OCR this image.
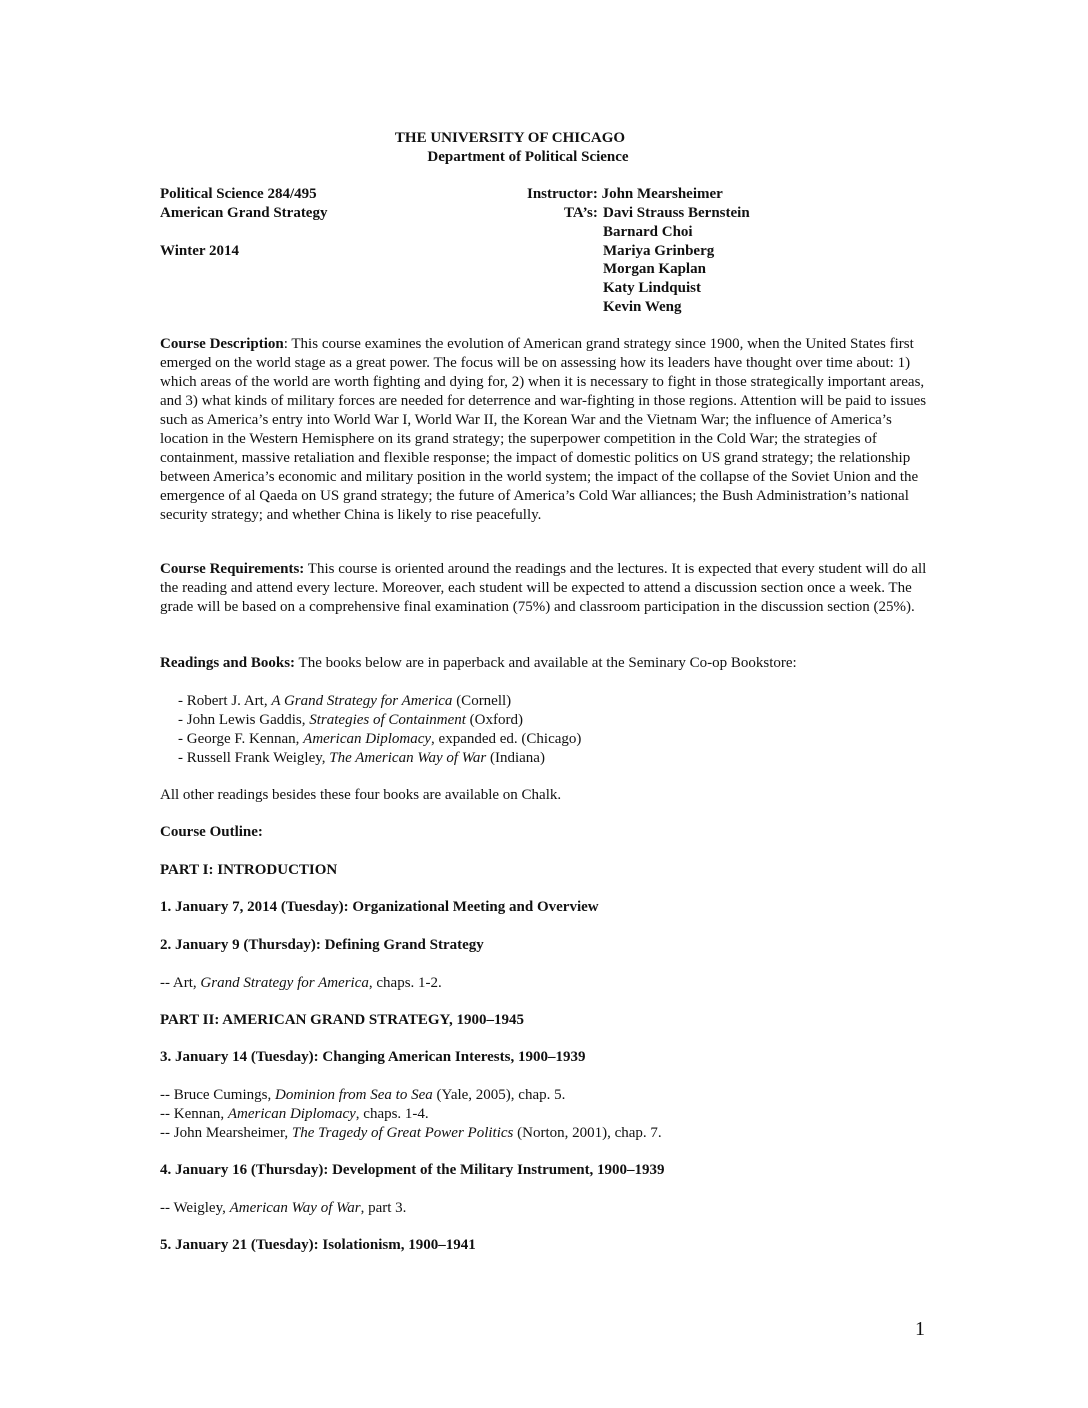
THE UNIVERSITY OF CHICAGO
Department of Political Science
Political Science 284/495
American Grand Strategy
Winter 2014
Instructor: John Mearsheimer
TA’s: Davi Strauss Bernstein
Barnard Choi
Mariya Grinberg
Morgan Kaplan
Katy Lindquist
Kevin Weng

Course Description: This course examines the evolution of American grand strategy since 1900, when the United States first emerged on the world stage as a great power. The focus will be on assessing how its leaders have thought over time about: 1) which areas of the world are worth fighting and dying for, 2) when it is necessary to fight in those strategically important areas, and 3) what kinds of military forces are needed for deterrence and war-fighting in those regions. Attention will be paid to issues such as America’s entry into World War I, World War II, the Korean War and the Vietnam War; the influence of America’s location in the Western Hemisphere on its grand strategy; the superpower competition in the Cold War; the strategies of containment, massive retaliation and flexible response; the impact of domestic politics on US grand strategy; the relationship between America’s economic and military position in the world system; the impact of the collapse of the Soviet Union and the emergence of al Qaeda on US grand strategy; the future of America’s Cold War alliances; the Bush Administration’s national security strategy; and whether China is likely to rise peacefully.

Course Requirements: This course is oriented around the readings and the lectures. It is expected that every student will do all the reading and attend every lecture. Moreover, each student will be expected to attend a discussion section once a week. The grade will be based on a comprehensive final examination (75%) and classroom participation in the discussion section (25%).

Readings and Books: The books below are in paperback and available at the Seminary Co-op Bookstore:

- Robert J. Art, A Grand Strategy for America (Cornell)
- John Lewis Gaddis, Strategies of Containment (Oxford)
- George F. Kennan, American Diplomacy, expanded ed. (Chicago)
- Russell Frank Weigley, The American Way of War (Indiana)
All other readings besides these four books are available on Chalk.
Course Outline:
PART I: INTRODUCTION
1. January 7, 2014 (Tuesday): Organizational Meeting and Overview
2. January 9 (Thursday): Defining Grand Strategy
-- Art, Grand Strategy for America, chaps. 1-2.
PART II: AMERICAN GRAND STRATEGY, 1900–1945
3. January 14 (Tuesday): Changing American Interests, 1900–1939
-- Bruce Cumings, Dominion from Sea to Sea (Yale, 2005), chap. 5.
-- Kennan, American Diplomacy, chaps. 1-4.
-- John Mearsheimer, The Tragedy of Great Power Politics (Norton, 2001), chap. 7.
4. January 16 (Thursday): Development of the Military Instrument, 1900–1939
-- Weigley, American Way of War, part 3.
5. January 21 (Tuesday): Isolationism, 1900–1941
1
